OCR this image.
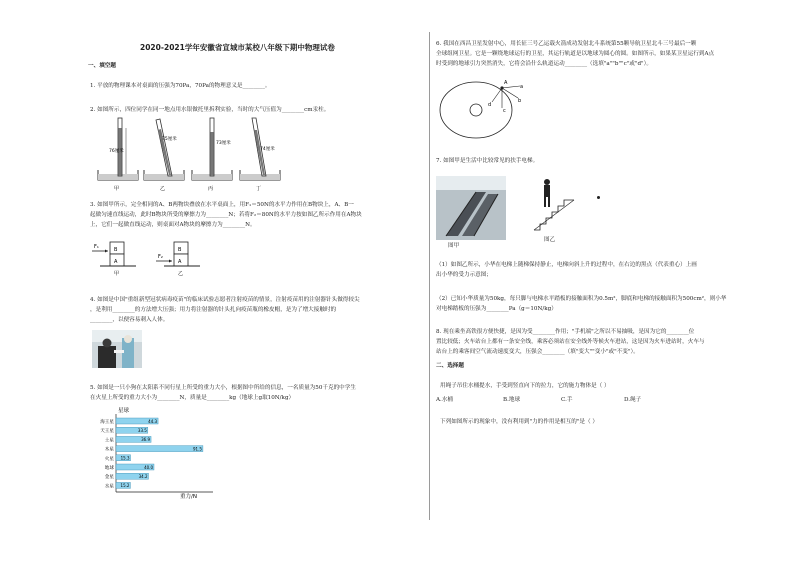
2020-2021学年安徽省宣城市某校八年级下期中物理试卷
一、填空题
1. 平放的物理课本对桌面的压强为70Pa，70Pa的物理意义是________。
2. 如图所示，四位同学在同一地点用水银做托里拆利实验，当时的大气压值为________cm汞柱。
76厘米
75厘米
73厘米
74厘米
甲	乙	丙	丁
3. 如图甲所示，完全相同的A、B两物块叠放在水平桌面上，用F₁＝50N的水平力作用在B物块上，A、B一
起做匀速直线运动，此时B物块所受的摩擦力为________N；若将F₂＝80N的水平力按如图乙所示作用在A物块
上，它们一起做直线运动，则桌面对A物块的摩擦力为________N。
F₁	B
A
甲
F₂
B
A
乙
4. 如图是中国"重组新型冠状病毒疫苗"的临床试验志愿者注射疫苗的情景，注射疫苗用的注射器针头做得较尖
，是利用________的方法增大压强；用力将注射器的针头扎向疫苗瓶的橡皮帽，是为了增大接触时的
________，以便容易刺入人体。
5. 如图是一只小狗在太阳系不同行星上所受的重力大小，根据图中所给的信息，一名质量为50千克的中学生
在火星上所受的重力大小为________N，质量是________kg（地球上g取10N/kg）
星球
重力/N
海王星	44.3
天王星	33.5
土星	36.9
木星	91.5
火星 15.3
地球	40.0
金星	34.2
水星 15.2
6. 我国在西昌卫星发射中心，用长征三号乙运载火箭成功发射北斗系统第55颗导航卫星北斗三号最后一颗
全球组网卫星。它是一颗绕地球运行的卫星，其运行轨道是以地球为圆心的圆。如图所示，如果某卫星运行到A点
时受到的地球引力突然消失，它将会沿什么轨道运动________（选填"a""b""c"或"d"）。
A
a
b
c
d
7. 如图甲是生活中比较常见的扶手电梯。
图甲
图乙
（1）如图乙所示，小华在电梯上随梯保持静止，电梯向斜上升的过程中，在右边的黑点（代表重心）上画
出小华的受力示意图；
（2）已知小华质量为50kg，每只脚与电梯水平踏板的接触面积为0.5m²，脚底和电梯的接触面积为500cm²，则小华
对电梯踏板的压强为________Pa（g＝10N/kg）
8. 现在乘坐高铁很方便快捷，是因为受________作用；"手机端"之所以不易抽吸，是因为它的________位
置比较低；火车站台上都有一条安全线，乘客必须站在安全线外等候火车进站，这是因为火车进站时，火车与
站台上的乘客间空气流动速度变大，压强会________（填"变大""变小"或"不变"）。
二、选择题
用绳子吊住水桶提水，手受到竖直向下的拉力，它的施力物体是（ ）
A.水桶	B.地球	C.手	D.绳子
下列如图所示的现象中，没有利用到"力的作用是相互的"是（ ）
